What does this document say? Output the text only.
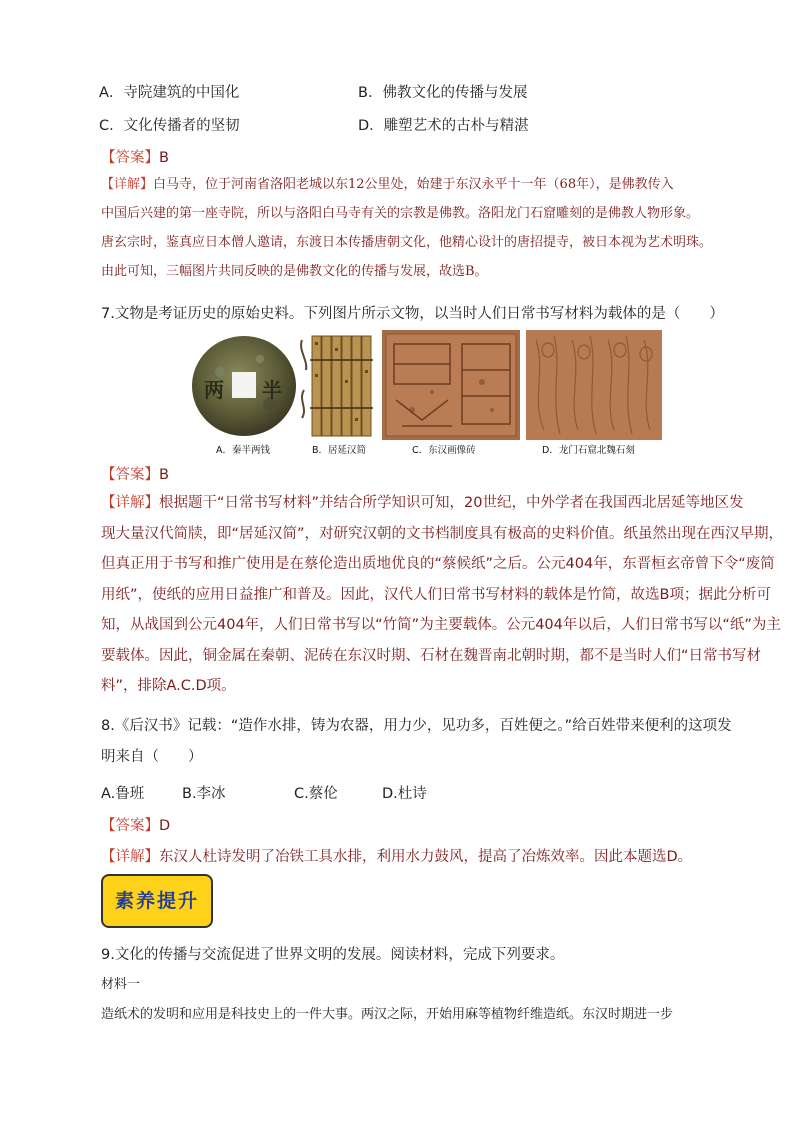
A．寺院建筑的中国化	B．佛教文化的传播与发展
C．文化传播者的坚韧	D．雕塑艺术的古朴与精湛
【答案】B
【详解】白马寺，位于河南省洛阳老城以东12公里处，始建于东汉永平十一年（68年），是佛教传入
中国后兴建的第一座寺院，所以与洛阳白马寺有关的宗教是佛教。洛阳龙门石窟雕刻的是佛教人物形象。
唐玄宗时，鉴真应日本僧人邀请，东渡日本传播唐朝文化，他精心设计的唐招提寺，被日本视为艺术明珠。
由此可知，三幅图片共同反映的是佛教文化的传播与发展，故选B。
7.文物是考证历史的原始史料。下列图片所示文物，以当时人们日常书写材料为载体的是（　　）
两 半
A．秦半两钱	B．居延汉简	C．东汉画像砖	D．龙门石窟北魏石刻
【答案】B
【详解】根据题干“日常书写材料”并结合所学知识可知，20世纪，中外学者在我国西北居延等地区发
现大量汉代简牍，即“居延汉简”，对研究汉朝的文书档制度具有极高的史料价值。纸虽然出现在西汉早期，
但真正用于书写和推广使用是在蔡伦造出质地优良的“蔡候纸”之后。公元404年，东晋桓玄帝曾下令“废简
用纸”，使纸的应用日益推广和普及。因此，汉代人们日常书写材料的载体是竹简，故选B项；据此分析可
知，从战国到公元404年，人们日常书写以“竹简”为主要载体。公元404年以后，人们日常书写以“纸”为主
要载体。因此，铜金属在秦朝、泥砖在东汉时期、石材在魏晋南北朝时期，都不是当时人们“日常书写材
料”，排除A.C.D项。
8.《后汉书》记载：“造作水排，铸为农器，用力少，见功多，百姓便之。”给百姓带来便利的这项发
明来自（　　）
A.鲁班	B.李冰	C.蔡伦	D.杜诗
【答案】D
【详解】东汉人杜诗发明了冶铁工具水排，利用水力鼓风，提高了冶炼效率。因此本题选D。
素养提升
9.文化的传播与交流促进了世界文明的发展。阅读材料，完成下列要求。
材料一
造纸术的发明和应用是科技史上的一件大事。两汉之际，开始用麻等植物纤维造纸。东汉时期进一步
